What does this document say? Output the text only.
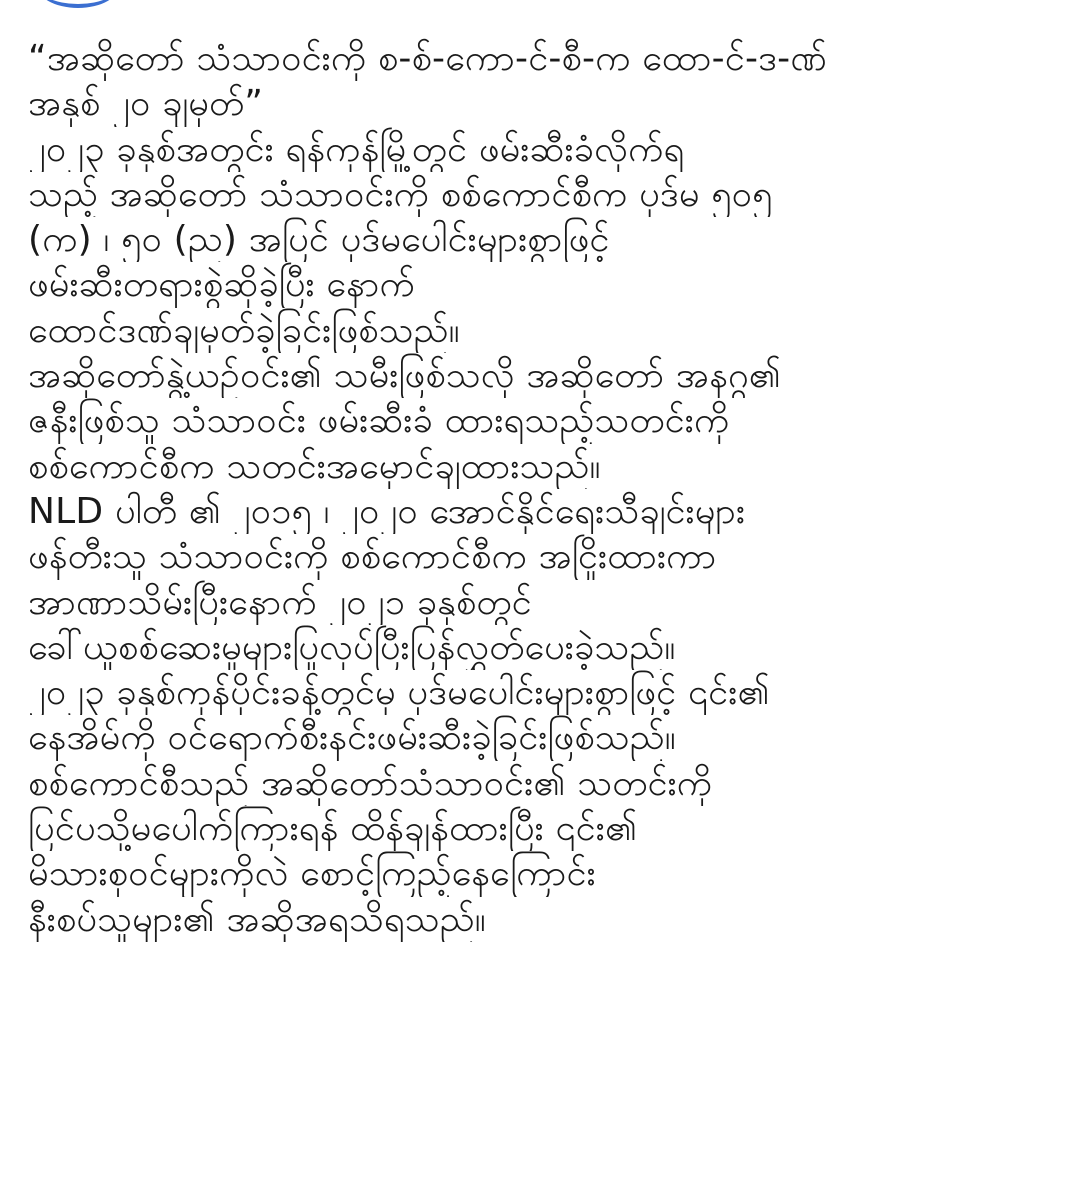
“အဆိုတော် သံသာဝင်းကို စ-စ်-ကော-င်-စီ-က ထော-င်-ဒ-ဏ်
အနှစ် ၂၀ ချမှတ်”
၂၀၂၃ ခုနှစ်အတွင်း ရန်ကုန်မြို့တွင် ဖမ်းဆီးခံလိုက်ရ
သည့် အဆိုတော် သံသာဝင်းကို စစ်ကောင်စီက ပုဒ်မ ၅၀၅
(က) ၊ ၅၀ (ည) အပြင် ပုဒ်မပေါင်းများစွာဖြင့်
ဖမ်းဆီးတရားစွဲဆိုခဲ့ပြီး နောက်
ထောင်ဒဏ်ချမှတ်ခဲ့ခြင်းဖြစ်သည်။
အဆိုတော်နွဲ့ယဉ်ဝင်း၏ သမီးဖြစ်သလို အဆိုတော် အနဂ္ဂ၏
ဇနီးဖြစ်သူ သံသာဝင်း ဖမ်းဆီးခံ ထားရသည့်သတင်းကို
စစ်ကောင်စီက သတင်းအမှောင်ချထားသည်။
NLD ပါတီ ၏ ၂၀၁၅ ၊ ၂၀၂၀ အောင်နိုင်ရေးသီချင်းများ
ဖန်တီးသူ သံသာဝင်းကို စစ်ကောင်စီက အငြိုးထားကာ
အာဏာသိမ်းပြီးနောက် ၂၀၂၁ ခုနှစ်တွင်
ခေါ်ယူစစ်ဆေးမှုများပြုလုပ်ပြီးပြန်လွှတ်ပေးခဲ့သည်။
၂၀၂၃ ခုနှစ်ကုန်ပိုင်းခန့်တွင်မှ ပုဒ်မပေါင်းများစွာဖြင့် ၎င်း၏
နေအိမ်ကို ဝင်ရောက်စီးနင်းဖမ်းဆီးခဲ့ခြင်းဖြစ်သည်။
စစ်ကောင်စီသည် အဆိုတော်သံသာဝင်း၏ သတင်းကို
ပြင်ပသို့မပေါက်ကြားရန် ထိန်ချန်ထားပြီး ၎င်း၏
မိသားစုဝင်များကိုလဲ စောင့်ကြည့်နေကြောင်း
နီးစပ်သူများ၏ အဆိုအရသိရသည်။
